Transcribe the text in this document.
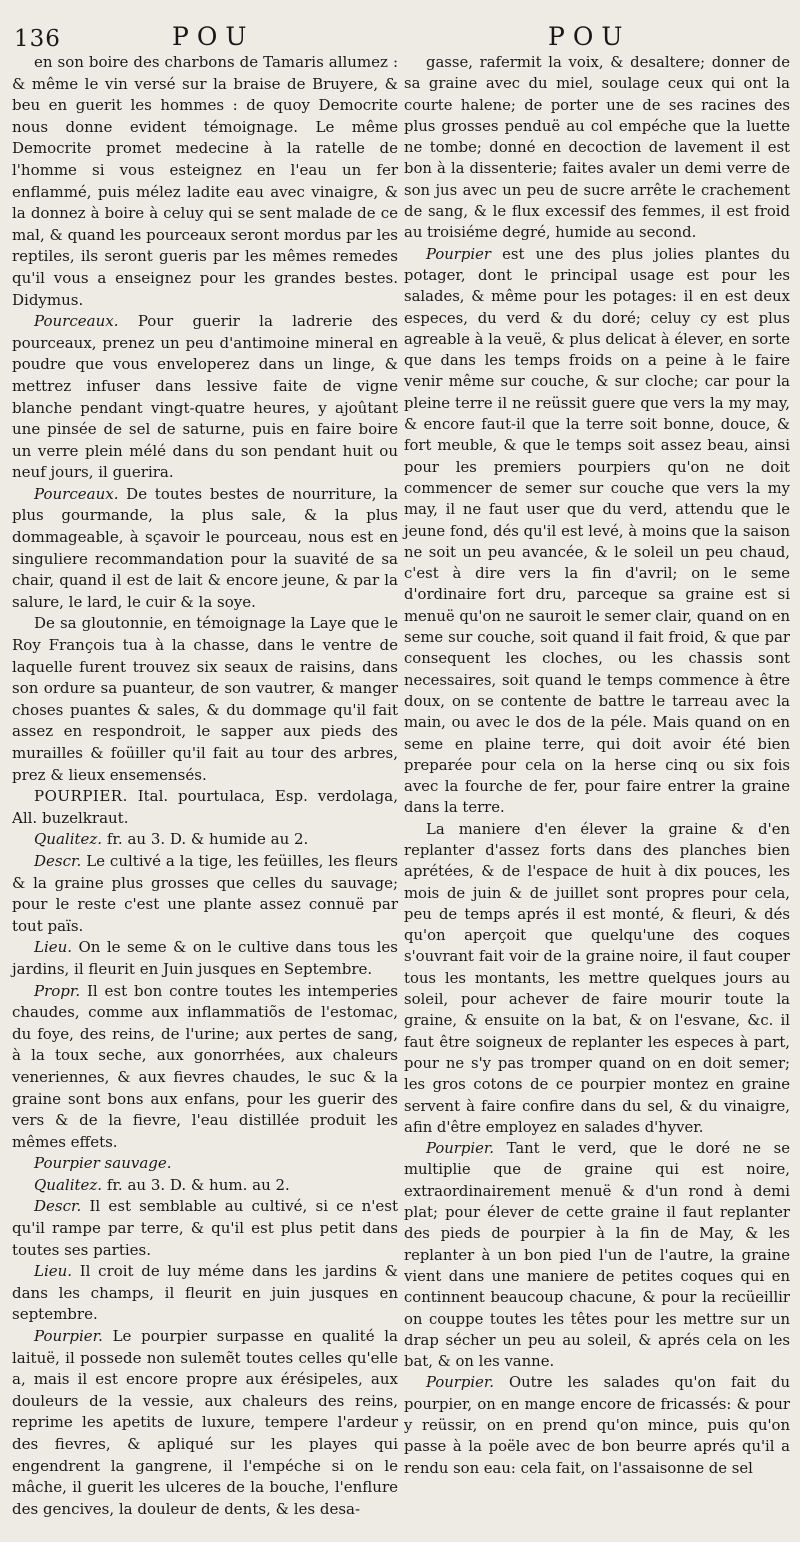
136	POU	POU

en son boire des charbons de Tamaris allumez : & même le vin versé sur la braise de Bruyere, & beu en guerit les hommes : de quoy Democrite nous donne evident témoignage. Le même Democrite promet medecine à la ratelle de l'homme si vous esteignez en l'eau un fer enflammé, puis mélez ladite eau avec vinaigre, & la donnez à boire à celuy qui se sent malade de ce mal, & quand les pourceaux seront mordus par les reptiles, ils seront gueris par les mêmes remedes qu'il vous a enseignez pour les grandes bestes. Didymus.

Pourceaux. Pour guerir la ladrerie des pourceaux, prenez un peu d'antimoine mineral en poudre que vous enveloperez dans un linge, & mettrez infuser dans lessive faite de vigne blanche pendant vingt-quatre heures, y ajoûtant une pinsée de sel de saturne, puis en faire boire un verre plein mélé dans du son pendant huit ou neuf jours, il guerira.

Pourceaux. De toutes bestes de nourriture, la plus gourmande, la plus sale, & la plus dommageable, à sçavoir le pourceau, nous est en singuliere recommandation pour la suavité de sa chair, quand il est de lait & encore jeune, & par la salure, le lard, le cuir & la soye.

De sa gloutonnie, en témoignage la Laye que le Roy François tua à la chasse, dans le ventre de laquelle furent trouvez six seaux de raisins, dans son ordure sa puanteur, de son vautrer, & manger choses puantes & sales, & du dommage qu'il fait assez en respondroit, le sapper aux pieds des murailles & foüiller qu'il fait au tour des arbres, prez & lieux ensemensés.

POURPIER. Ital. pourtulaca, Esp. verdolaga, All. buzelkraut.

Qualitez. fr. au 3. D. & humide au 2.

Descr. Le cultivé a la tige, les feüilles, les fleurs & la graine plus grosses que celles du sauvage; pour le reste c'est une plante assez connuë par tout païs.

Lieu. On le seme & on le cultive dans tous les jardins, il fleurit en Juin jusques en Septembre.

Propr. Il est bon contre toutes les intemperies chaudes, comme aux inflammatiõs de l'estomac, du foye, des reins, de l'urine; aux pertes de sang, à la toux seche, aux gonorrhées, aux chaleurs veneriennes, & aux fievres chaudes, le suc & la graine sont bons aux enfans, pour les guerir des vers & de la fievre, l'eau distillée produit les mêmes effets.

Pourpier sauvage.

Qualitez. fr. au 3. D. & hum. au 2.

Descr. Il est semblable au cultivé, si ce n'est qu'il rampe par terre, & qu'il est plus petit dans toutes ses parties.

Lieu. Il croit de luy méme dans les jardins & dans les champs, il fleurit en juin jusques en septembre.

Pourpier. Le pourpier surpasse en qualité la laituë, il possede non sulemẽt toutes celles qu'elle a, mais il est encore propre aux érésipeles, aux douleurs de la vessie, aux chaleurs des reins, reprime les apetits de luxure, tempere l'ardeur des fievres, & apliqué sur les playes qui engendrent la gangrene, il l'empéche si on le mâche, il guerit les ulceres de la bouche, l'enflure des gencives, la douleur de dents, & les desa-

gasse, rafermit la voix, & desaltere; donner de sa graine avec du miel, soulage ceux qui ont la courte halene; de porter une de ses racines des plus grosses penduë au col empéche que la luette ne tombe; donné en decoction de lavement il est bon à la dissenterie; faites avaler un demi verre de son jus avec un peu de sucre arrête le crachement de sang, & le flux excessif des femmes, il est froid au troisiéme degré, humide au second.

Pourpier est une des plus jolies plantes du potager, dont le principal usage est pour les salades, & même pour les potages: il en est deux especes, du verd & du doré; celuy cy est plus agreable à la veuë, & plus delicat à élever, en sorte que dans les temps froids on a peine à le faire venir même sur couche, & sur cloche; car pour la pleine terre il ne reüssit guere que vers la my may, & encore faut-il que la terre soit bonne, douce, & fort meuble, & que le temps soit assez beau, ainsi pour les premiers pourpiers qu'on ne doit commencer de semer sur couche que vers la my may, il ne faut user que du verd, attendu que le jeune fond, dés qu'il est levé, à moins que la saison ne soit un peu avancée, & le soleil un peu chaud, c'est à dire vers la fin d'avril; on le seme d'ordinaire fort dru, parceque sa graine est si menuë qu'on ne sauroit le semer clair, quand on en seme sur couche, soit quand il fait froid, & que par consequent les cloches, ou les chassis sont necessaires, soit quand le temps commence à être doux, on se contente de battre le tarreau avec la main, ou avec le dos de la péle. Mais quand on en seme en plaine terre, qui doit avoir été bien preparée pour cela on la herse cinq ou six fois avec la fourche de fer, pour faire entrer la graine dans la terre.

La maniere d'en élever la graine & d'en replanter d'assez forts dans des planches bien aprétées, & de l'espace de huit à dix pouces, les mois de juin & de juillet sont propres pour cela, peu de temps aprés il est monté, & fleuri, & dés qu'on aperçoit que quelqu'une des coques s'ouvrant fait voir de la graine noire, il faut couper tous les montants, les mettre quelques jours au soleil, pour achever de faire mourir toute la graine, & ensuite on la bat, & on l'esvane, &c. il faut être soigneux de replanter les especes à part, pour ne s'y pas tromper quand on en doit semer; les gros cotons de ce pourpier montez en graine servent à faire confire dans du sel, & du vinaigre, afin d'être employez en salades d'hyver.

Pourpier. Tant le verd, que le doré ne se multiplie que de graine qui est noire, extraordinairement menuë & d'un rond à demi plat; pour élever de cette graine il faut replanter des pieds de pourpier à la fin de May, & les replanter à un bon pied l'un de l'autre, la graine vient dans une maniere de petites coques qui en continnent beaucoup chacune, & pour la recüeillir on couppe toutes les têtes pour les mettre sur un drap sécher un peu au soleil, & aprés cela on les bat, & on les vanne.

Pourpier. Outre les salades qu'on fait du pourpier, on en mange encore de fricassés: & pour y reüssir, on en prend qu'on mince, puis qu'on passe à la poële avec de bon beurre aprés qu'il a rendu son eau: cela fait, on l'assaisonne de sel
